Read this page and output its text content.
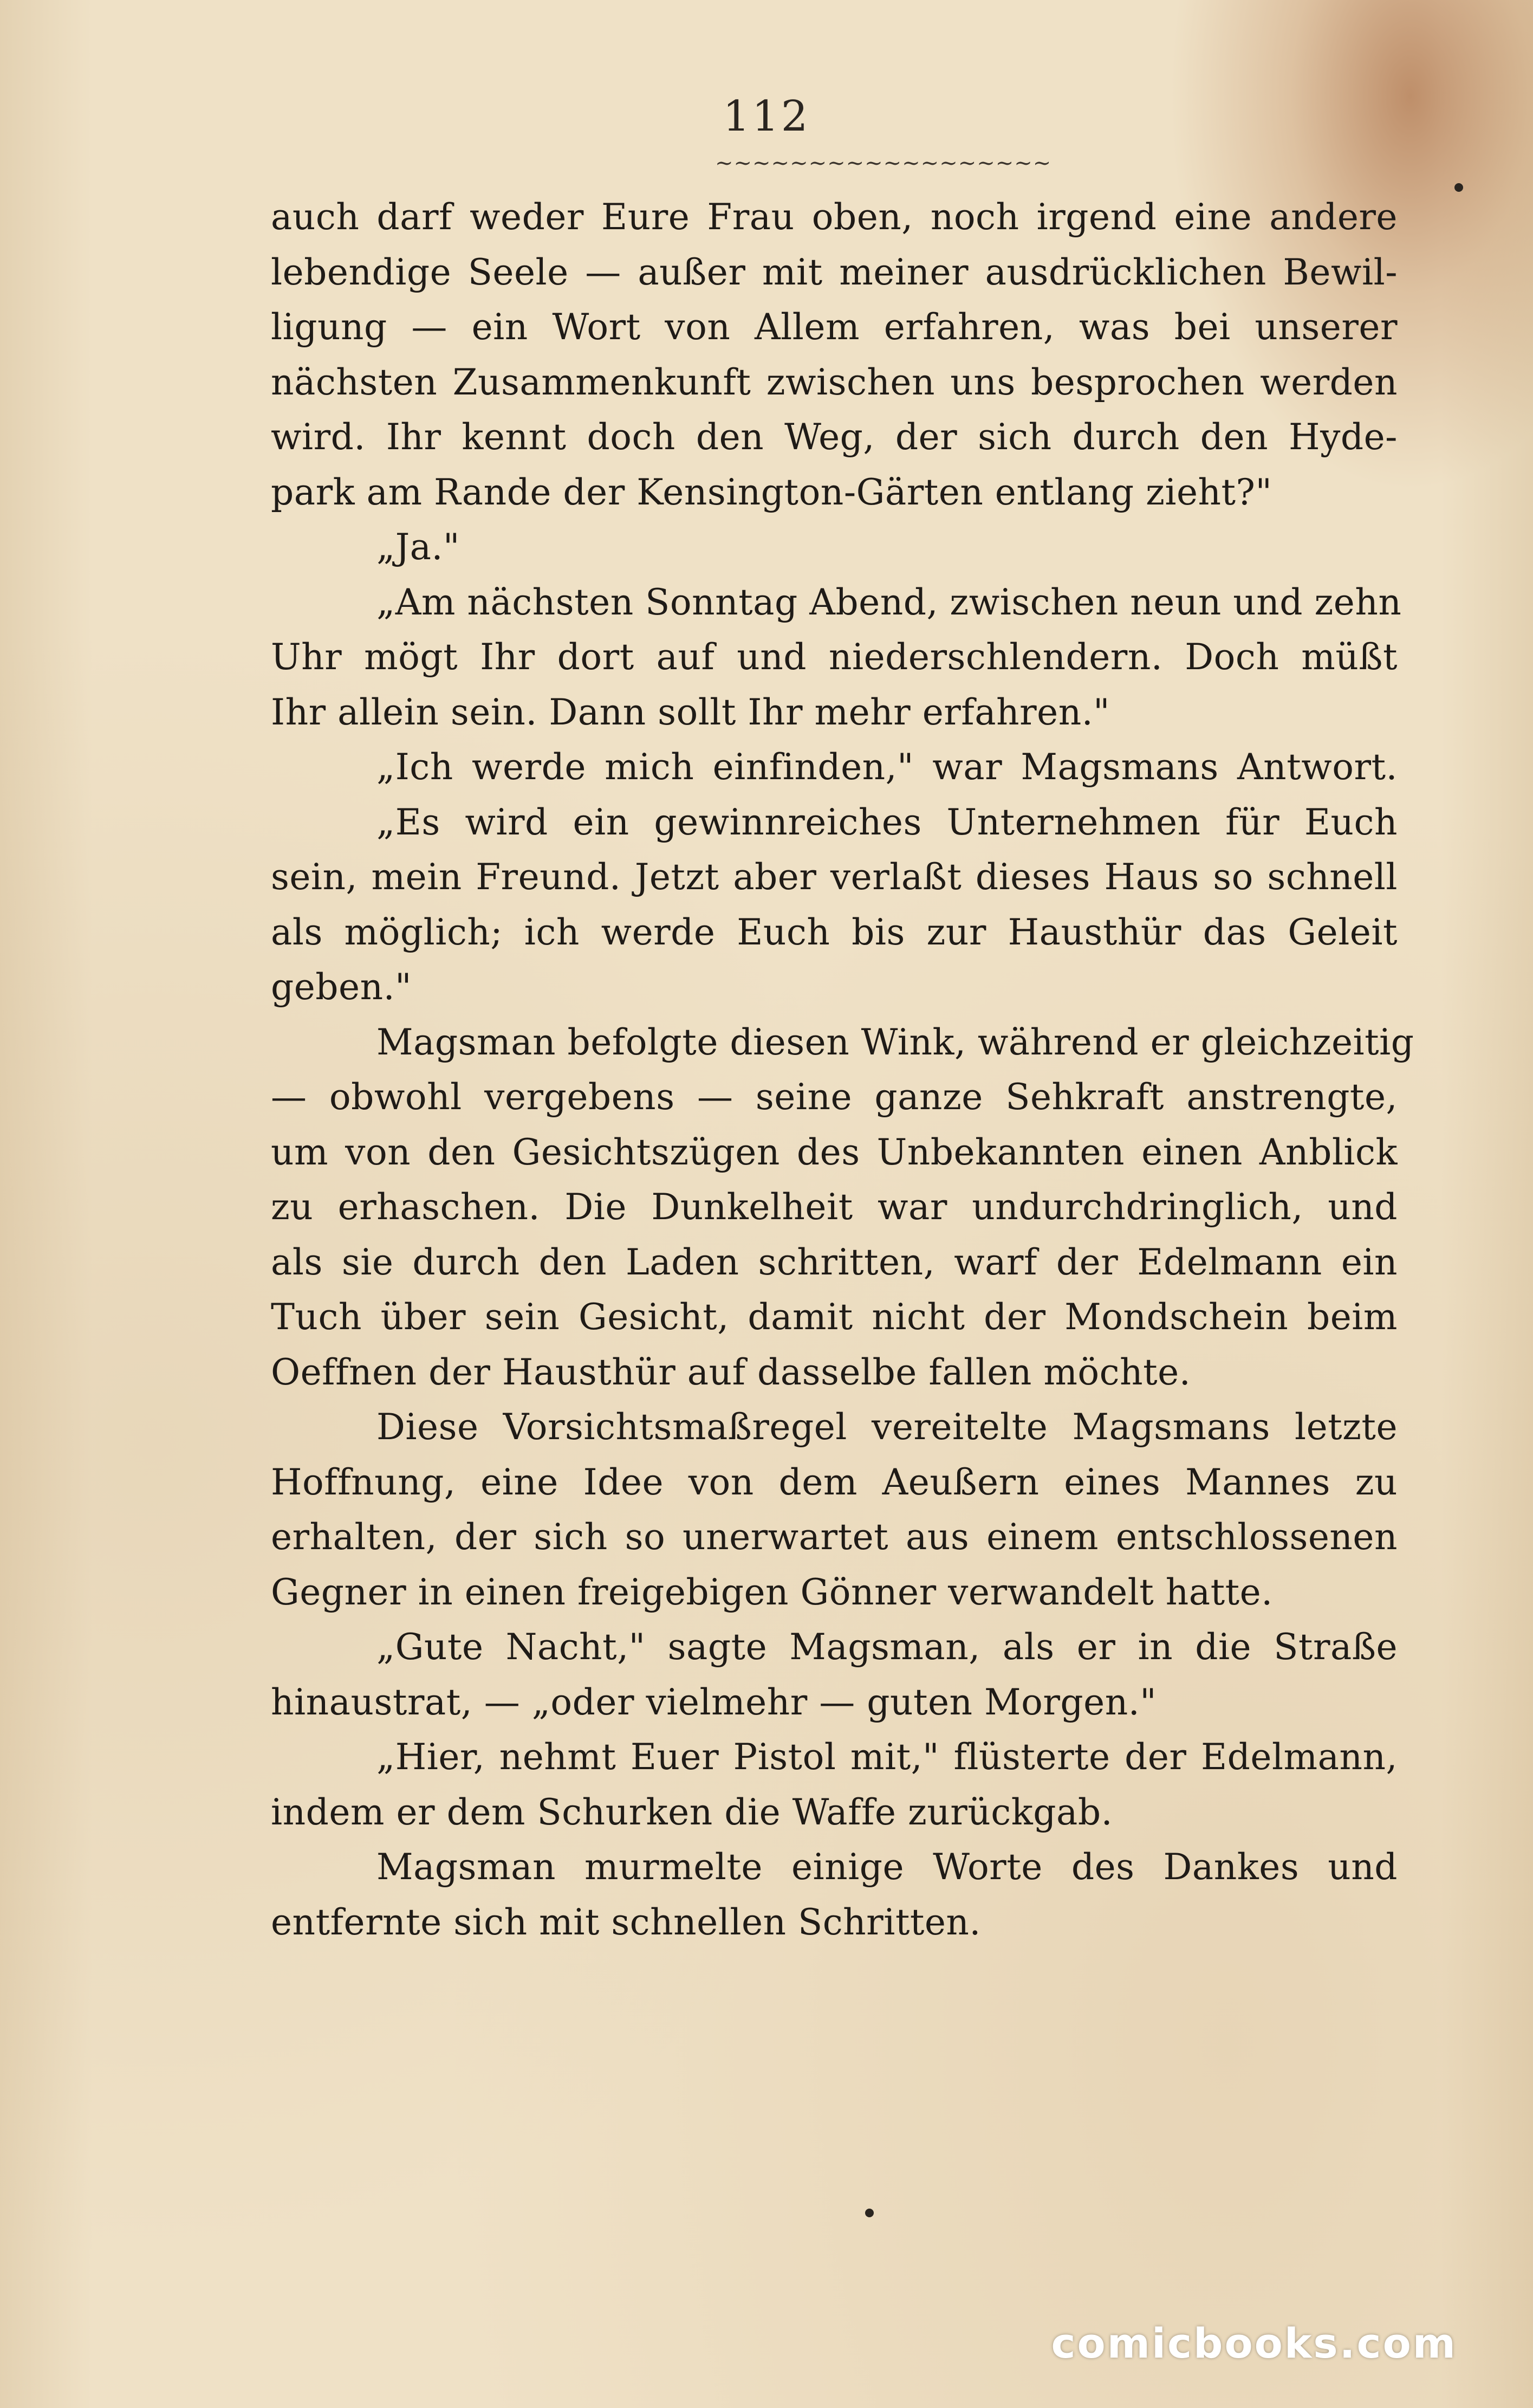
112
~~~~~~~~~~~~~~~~~~
auch darf weder Eure Frau oben, noch irgend eine andere
lebendige Seele — außer mit meiner ausdrücklichen Bewil-
ligung — ein Wort von Allem erfahren, was bei unserer
nächsten Zusammenkunft zwischen uns besprochen werden
wird. Ihr kennt doch den Weg, der sich durch den Hyde-
park am Rande der Kensington-Gärten entlang zieht?"
„Ja."
„Am nächsten Sonntag Abend, zwischen neun und zehn
Uhr mögt Ihr dort auf und niederschlendern. Doch müßt
Ihr allein sein. Dann sollt Ihr mehr erfahren."
„Ich werde mich einfinden," war Magsmans Antwort.
„Es wird ein gewinnreiches Unternehmen für Euch
sein, mein Freund. Jetzt aber verlaßt dieses Haus so schnell
als möglich; ich werde Euch bis zur Hausthür das Geleit
geben."
Magsman befolgte diesen Wink, während er gleichzeitig
— obwohl vergebens — seine ganze Sehkraft anstrengte,
um von den Gesichtszügen des Unbekannten einen Anblick
zu erhaschen. Die Dunkelheit war undurchdringlich, und
als sie durch den Laden schritten, warf der Edelmann ein
Tuch über sein Gesicht, damit nicht der Mondschein beim
Oeffnen der Hausthür auf dasselbe fallen möchte.
Diese Vorsichtsmaßregel vereitelte Magsmans letzte
Hoffnung, eine Idee von dem Aeußern eines Mannes zu
erhalten, der sich so unerwartet aus einem entschlossenen
Gegner in einen freigebigen Gönner verwandelt hatte.
„Gute Nacht," sagte Magsman, als er in die Straße
hinaustrat, — „oder vielmehr — guten Morgen."
„Hier, nehmt Euer Pistol mit," flüsterte der Edelmann,
indem er dem Schurken die Waffe zurückgab.
Magsman murmelte einige Worte des Dankes und
entfernte sich mit schnellen Schritten.
comicbooks.com
